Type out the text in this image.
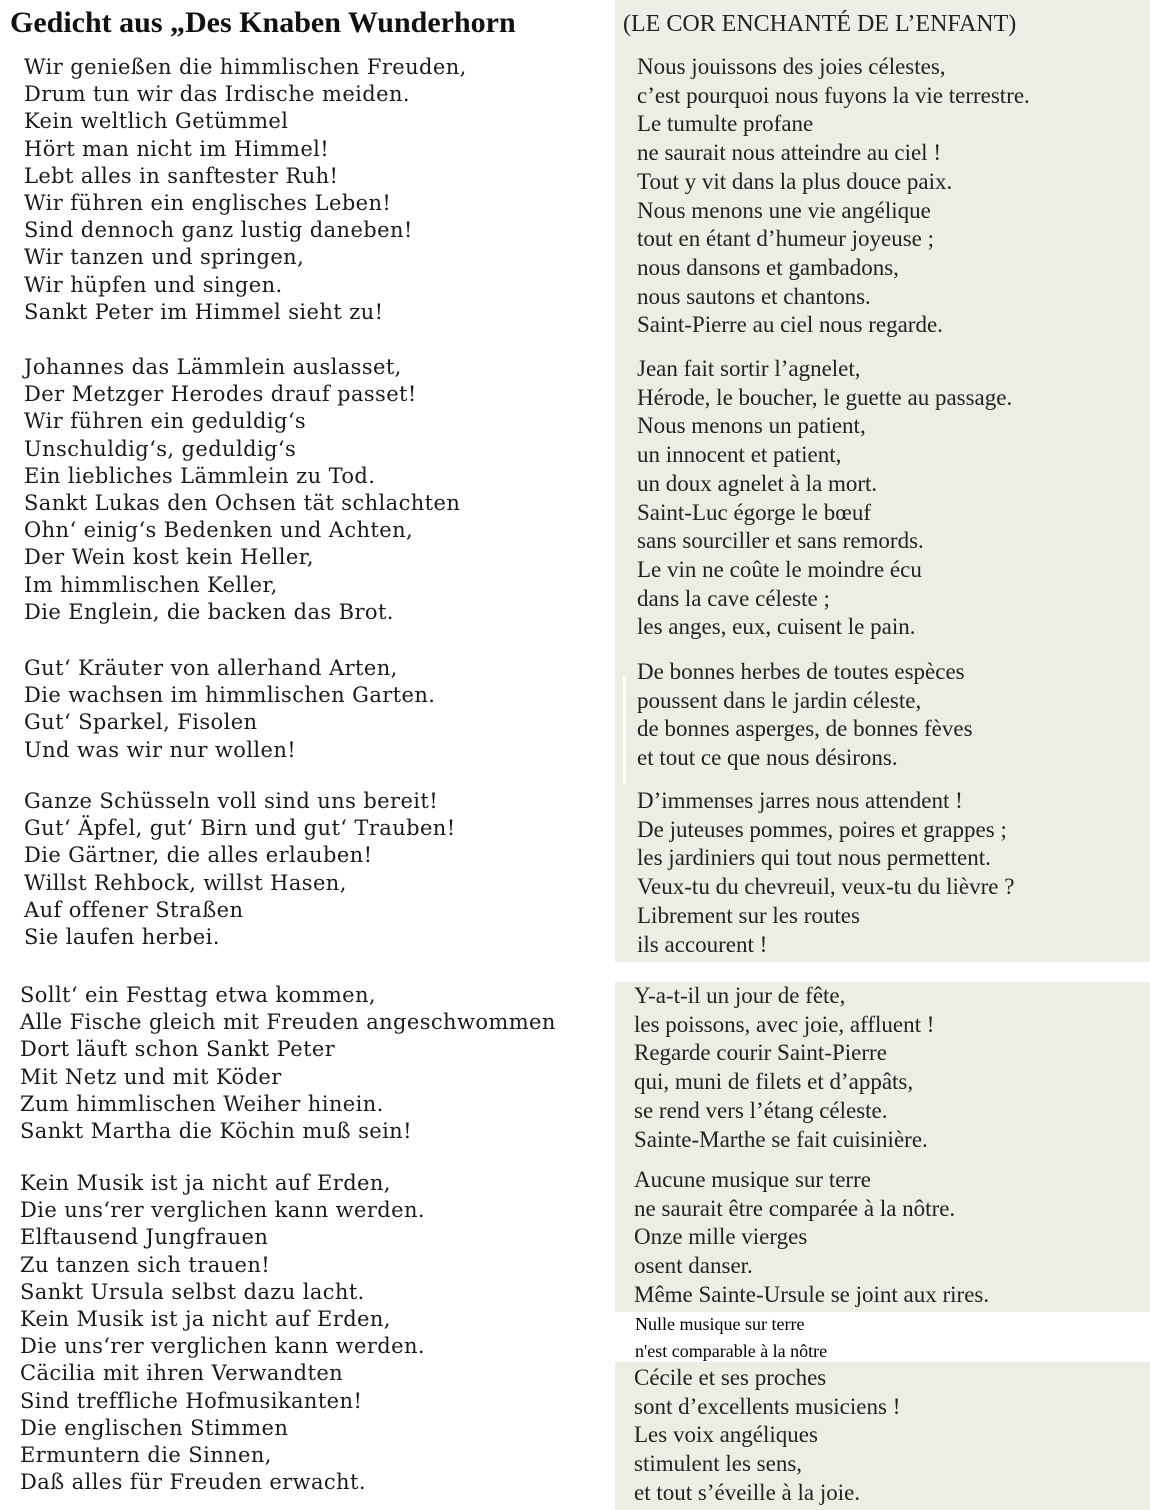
Gedicht aus „Des Knaben Wunderhorn	(LE COR ENCHANTÉ DE L’ENFANT)
Wir genießen die himmlischen Freuden,
Drum tun wir das Irdische meiden.
Kein weltlich Getümmel
Hört man nicht im Himmel!
Lebt alles in sanftester Ruh!
Wir führen ein englisches Leben!
Sind dennoch ganz lustig daneben!
Wir tanzen und springen,
Wir hüpfen und singen.
Sankt Peter im Himmel sieht zu!
Johannes das Lämmlein auslasset,
Der Metzger Herodes drauf passet!
Wir führen ein geduldig‘s
Unschuldig‘s, geduldig‘s
Ein liebliches Lämmlein zu Tod.
Sankt Lukas den Ochsen tät schlachten
Ohn‘ einig‘s Bedenken und Achten,
Der Wein kost kein Heller,
Im himmlischen Keller,
Die Englein, die backen das Brot.
Gut‘ Kräuter von allerhand Arten,
Die wachsen im himmlischen Garten.
Gut‘ Sparkel, Fisolen
Und was wir nur wollen!
Ganze Schüsseln voll sind uns bereit!
Gut‘ Äpfel, gut‘ Birn und gut‘ Trauben!
Die Gärtner, die alles erlauben!
Willst Rehbock, willst Hasen,
Auf offener Straßen
Sie laufen herbei.
Sollt‘ ein Festtag etwa kommen,
Alle Fische gleich mit Freuden angeschwommen
Dort läuft schon Sankt Peter
Mit Netz und mit Köder
Zum himmlischen Weiher hinein.
Sankt Martha die Köchin muß sein!
Kein Musik ist ja nicht auf Erden,
Die uns‘rer verglichen kann werden.
Elftausend Jungfrauen
Zu tanzen sich trauen!
Sankt Ursula selbst dazu lacht.
Kein Musik ist ja nicht auf Erden,
Die uns‘rer verglichen kann werden.
Cäcilia mit ihren Verwandten
Sind treffliche Hofmusikanten!
Die englischen Stimmen
Ermuntern die Sinnen,
Daß alles für Freuden erwacht.
Nous jouissons des joies célestes,
c’est pourquoi nous fuyons la vie terrestre.
Le tumulte profane
ne saurait nous atteindre au ciel !
Tout y vit dans la plus douce paix.
Nous menons une vie angélique
tout en étant d’humeur joyeuse ;
nous dansons et gambadons,
nous sautons et chantons.
Saint-Pierre au ciel nous regarde.
Jean fait sortir l’agnelet,
Hérode, le boucher, le guette au passage.
Nous menons un patient,
un innocent et patient,
un doux agnelet à la mort.
Saint-Luc égorge le bœuf
sans sourciller et sans remords.
Le vin ne coûte le moindre écu
dans la cave céleste ;
les anges, eux, cuisent le pain.
De bonnes herbes de toutes espèces
poussent dans le jardin céleste,
de bonnes asperges, de bonnes fèves
et tout ce que nous désirons.
D’immenses jarres nous attendent !
De juteuses pommes, poires et grappes ;
les jardiniers qui tout nous permettent.
Veux-tu du chevreuil, veux-tu du lièvre ?
Librement sur les routes
ils accourent !
Y-a-t-il un jour de fête,
les poissons, avec joie, affluent !
Regarde courir Saint-Pierre
qui, muni de filets et d’appâts,
se rend vers l’étang céleste.
Sainte-Marthe se fait cuisinière.
Aucune musique sur terre
ne saurait être comparée à la nôtre.
Onze mille vierges
osent danser.
Même Sainte-Ursule se joint aux rires.
Nulle musique sur terre
n'est comparable à la nôtre
Cécile et ses proches
sont d’excellents musiciens !
Les voix angéliques
stimulent les sens,
et tout s’éveille à la joie.
